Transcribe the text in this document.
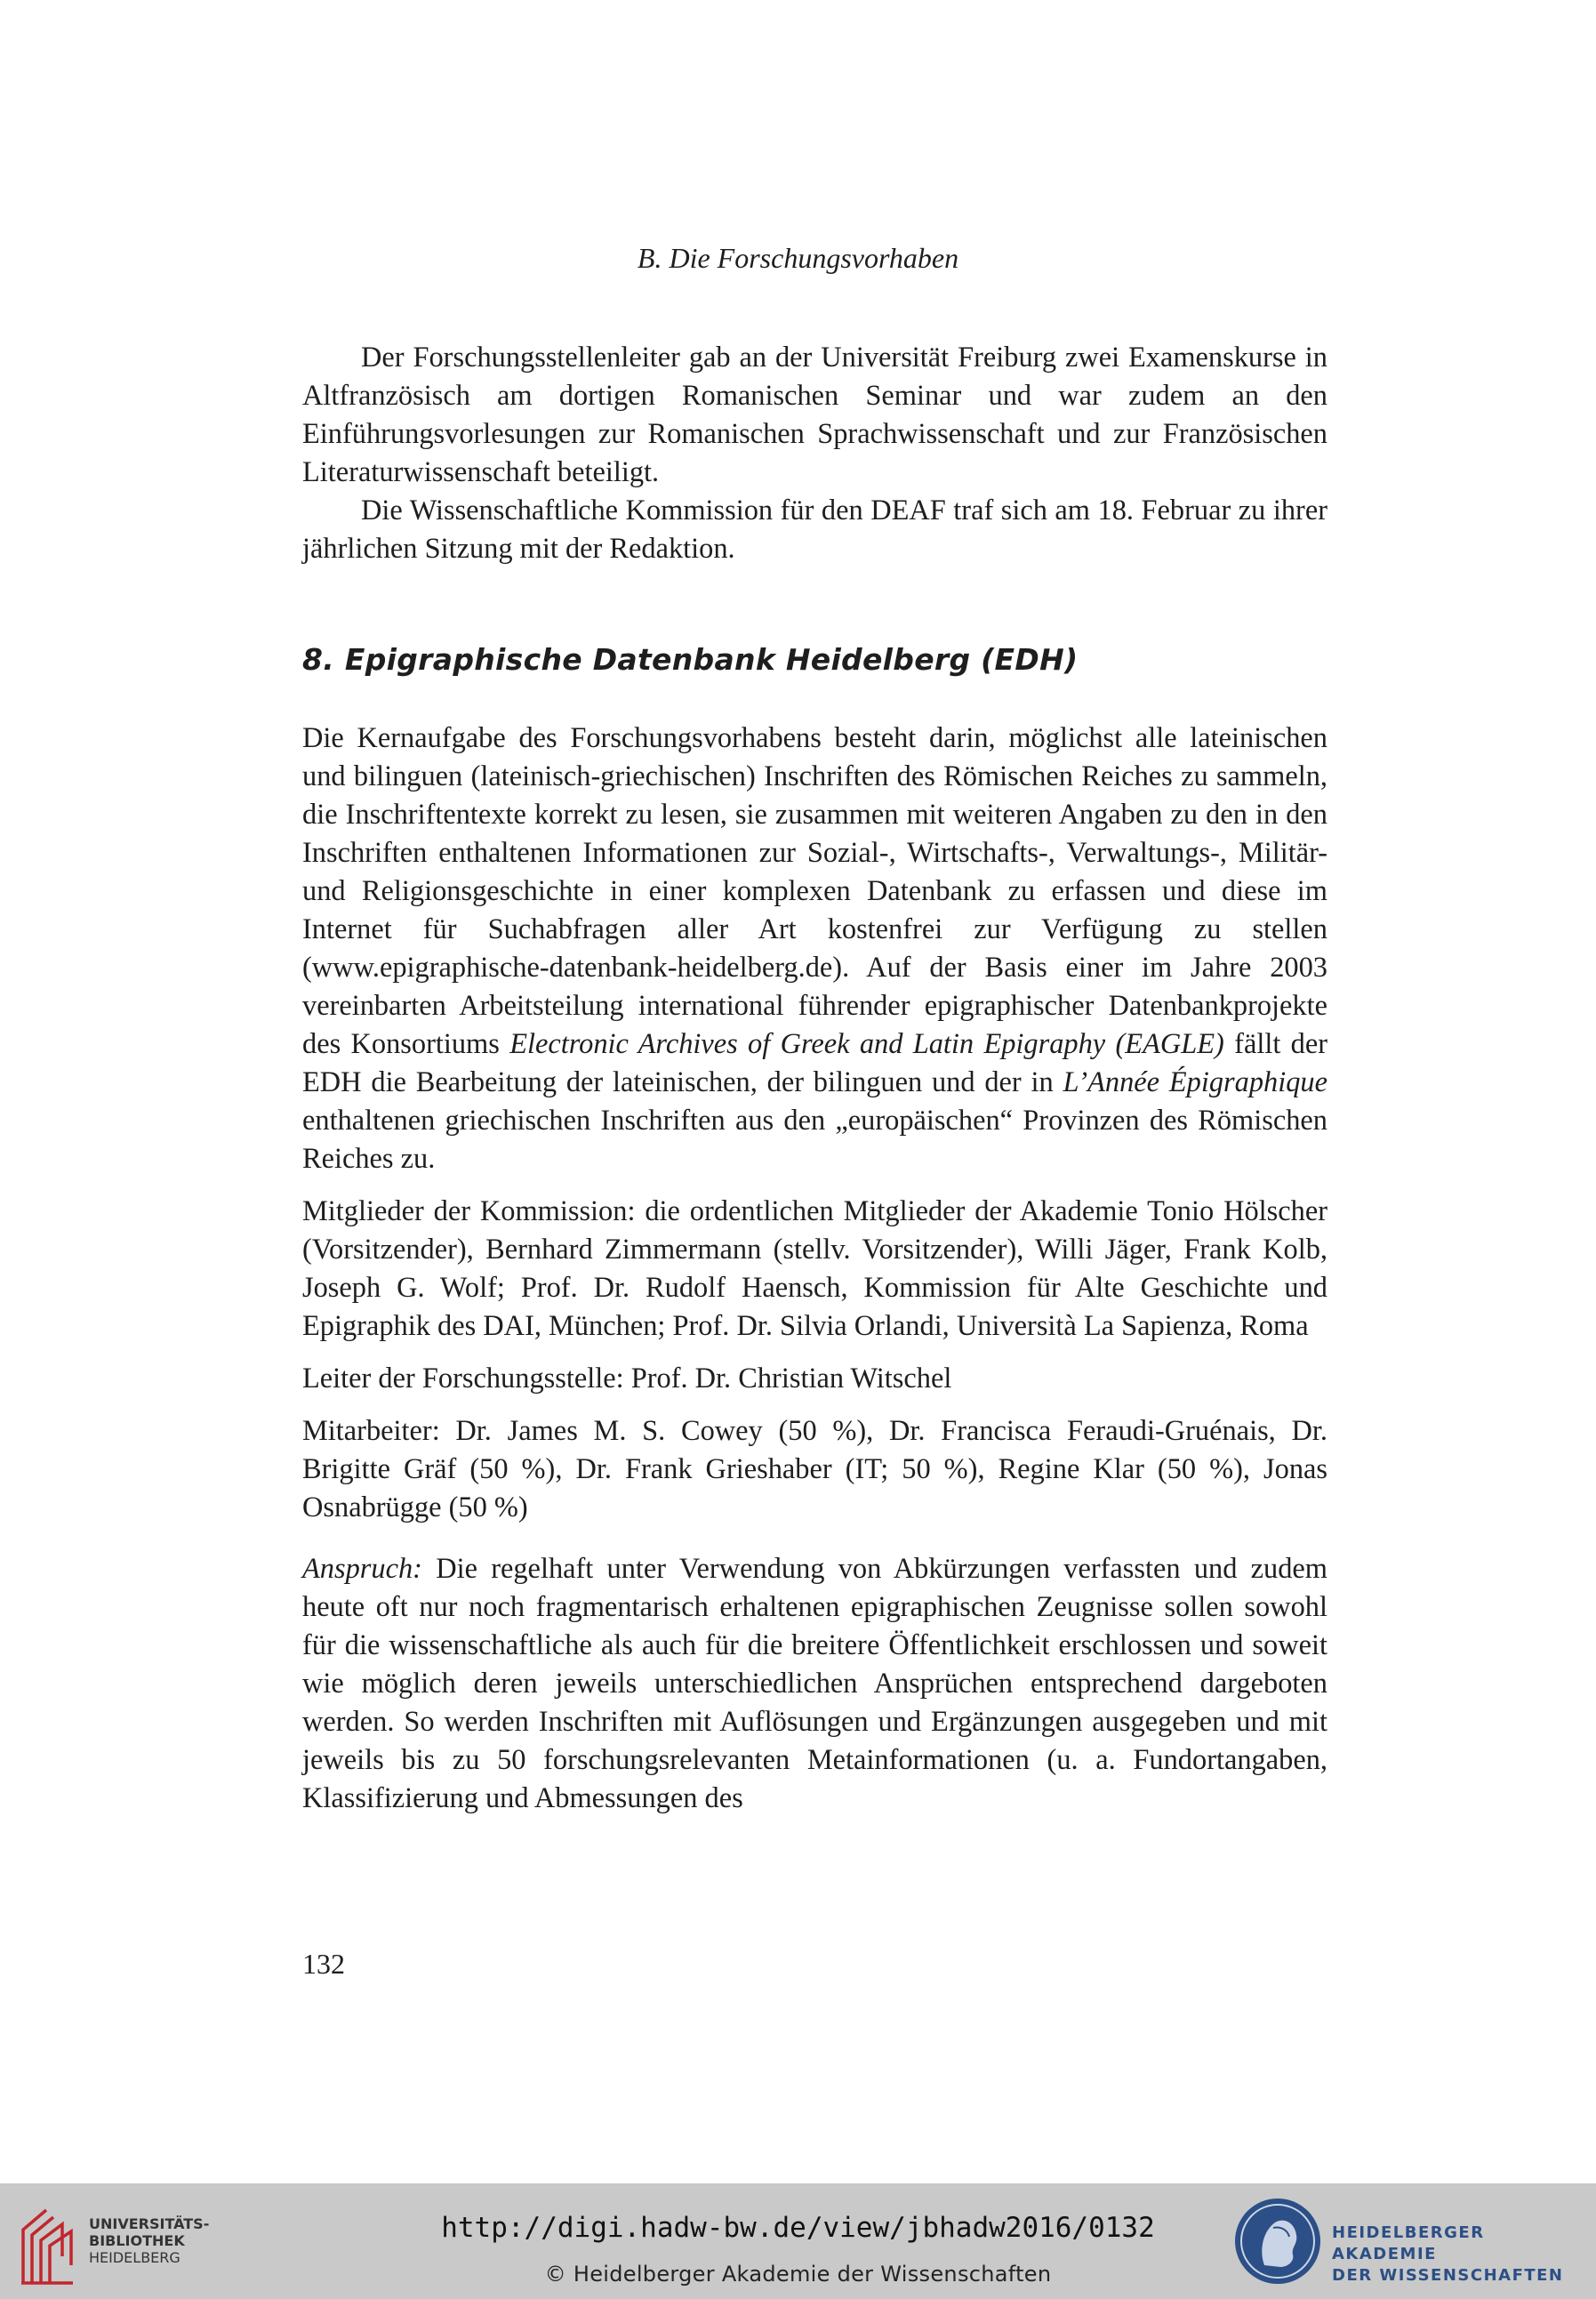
B. Die Forschungsvorhaben

Der Forschungsstellenleiter gab an der Universität Freiburg zwei Examenskurse in Altfranzösisch am dortigen Romanischen Seminar und war zudem an den Einführungsvorlesungen zur Romanischen Sprachwissenschaft und zur Französischen Literaturwissenschaft beteiligt.

Die Wissenschaftliche Kommission für den DEAF traf sich am 18. Februar zu ihrer jährlichen Sitzung mit der Redaktion.

8. Epigraphische Datenbank Heidelberg (EDH)

Die Kernaufgabe des Forschungsvorhabens besteht darin, möglichst alle lateinischen und bilinguen (lateinisch-griechischen) Inschriften des Römischen Reiches zu sammeln, die Inschriftentexte korrekt zu lesen, sie zusammen mit weiteren Angaben zu den in den Inschriften enthaltenen Informationen zur Sozial-, Wirtschafts-, Verwaltungs-, Militär- und Religionsgeschichte in einer komplexen Datenbank zu erfassen und diese im Internet für Suchabfragen aller Art kostenfrei zur Verfügung zu stellen (www.epigraphische-datenbank-heidelberg.de). Auf der Basis einer im Jahre 2003 vereinbarten Arbeitsteilung international führender epigraphischer Datenbankprojekte des Konsortiums Electronic Archives of Greek and Latin Epigraphy (EAGLE) fällt der EDH die Bearbeitung der lateinischen, der bilinguen und der in L’Année Épigraphique enthaltenen griechischen Inschriften aus den „europäischen“ Provinzen des Römischen Reiches zu.

Mitglieder der Kommission: die ordentlichen Mitglieder der Akademie Tonio Hölscher (Vorsitzender), Bernhard Zimmermann (stellv. Vorsitzender), Willi Jäger, Frank Kolb, Joseph G. Wolf; Prof. Dr. Rudolf Haensch, Kommission für Alte Geschichte und Epigraphik des DAI, München; Prof. Dr. Silvia Orlandi, Università La Sapienza, Roma

Leiter der Forschungsstelle: Prof. Dr. Christian Witschel

Mitarbeiter: Dr. James M. S. Cowey (50 %), Dr. Francisca Feraudi-Gruénais, Dr. Brigitte Gräf (50 %), Dr. Frank Grieshaber (IT; 50 %), Regine Klar (50 %), Jonas Osnabrügge (50 %)

Anspruch: Die regelhaft unter Verwendung von Abkürzungen verfassten und zudem heute oft nur noch fragmentarisch erhaltenen epigraphischen Zeugnisse sollen sowohl für die wissenschaftliche als auch für die breitere Öffentlichkeit erschlossen und soweit wie möglich deren jeweils unterschiedlichen Ansprüchen entsprechend dargeboten werden. So werden Inschriften mit Auflösungen und Ergänzungen ausgegeben und mit jeweils bis zu 50 forschungsrelevanten Metainformationen (u. a. Fundortangaben, Klassifizierung und Abmessungen des

132
UNIVERSITÄTS-
BIBLIOTHEK
HEIDELBERG
http://digi.hadw-bw.de/view/jbhadw2016/0132
© Heidelberger Akademie der Wissenschaften
HEIDELBERGER AKADEMIE
DER WISSENSCHAFTEN
